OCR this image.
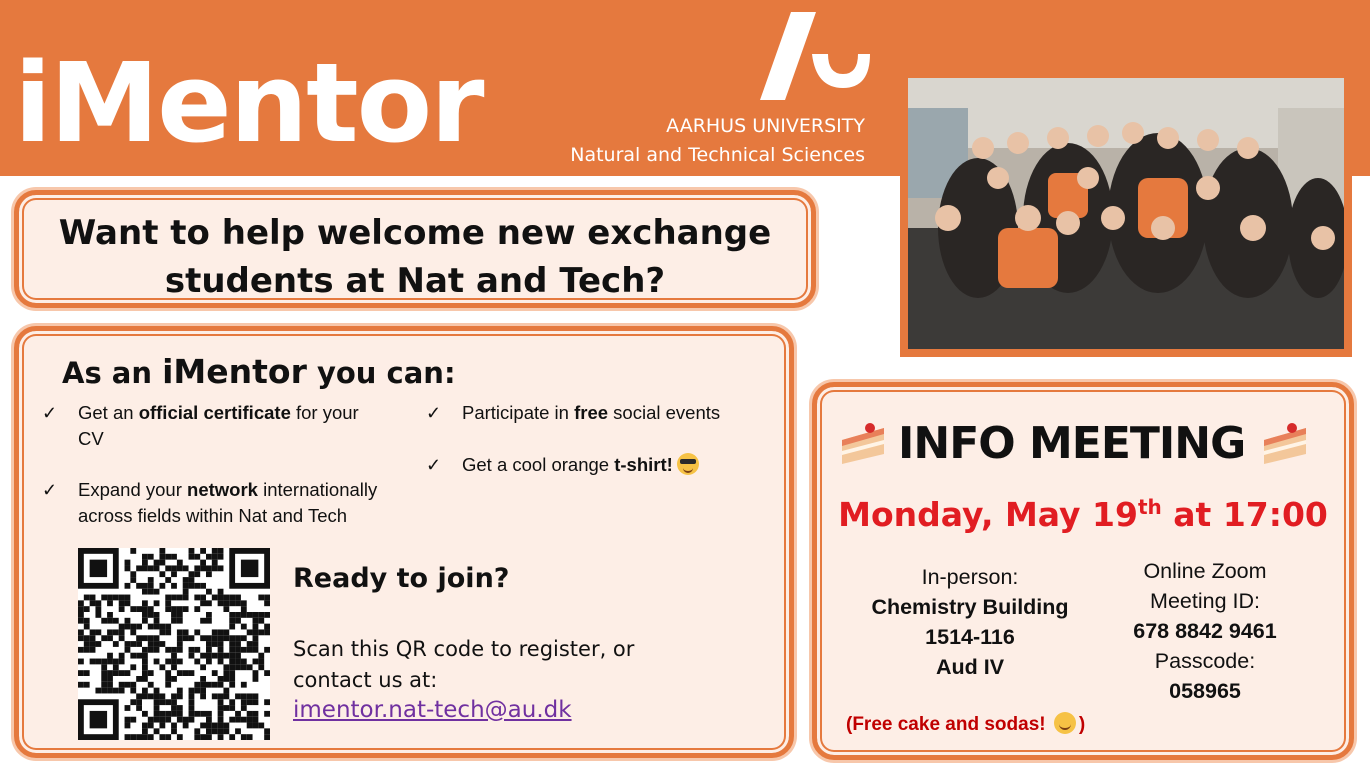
iMentor	AARHUS UNIVERSITY
Natural and Technical Sciences
Want to help welcome new exchange
students at Nat and Tech?
As an iMentor you can:
✓ Get an official certificate for your
CV
✓ Expand your network internationally
across fields within Nat and Tech
✓ Participate in free social events
✓ Get a cool orange t-shirt!
Ready to join?
Scan this QR code to register, or
contact us at:
imentor.nat-tech@au.dk
INFO MEETING
Monday, May 19th at 17:00
In-person:
Chemistry Building
1514-116
Aud IV
Online Zoom
Meeting ID:
678 8842 9461
Passcode:
058965
(Free cake and sodas! )
